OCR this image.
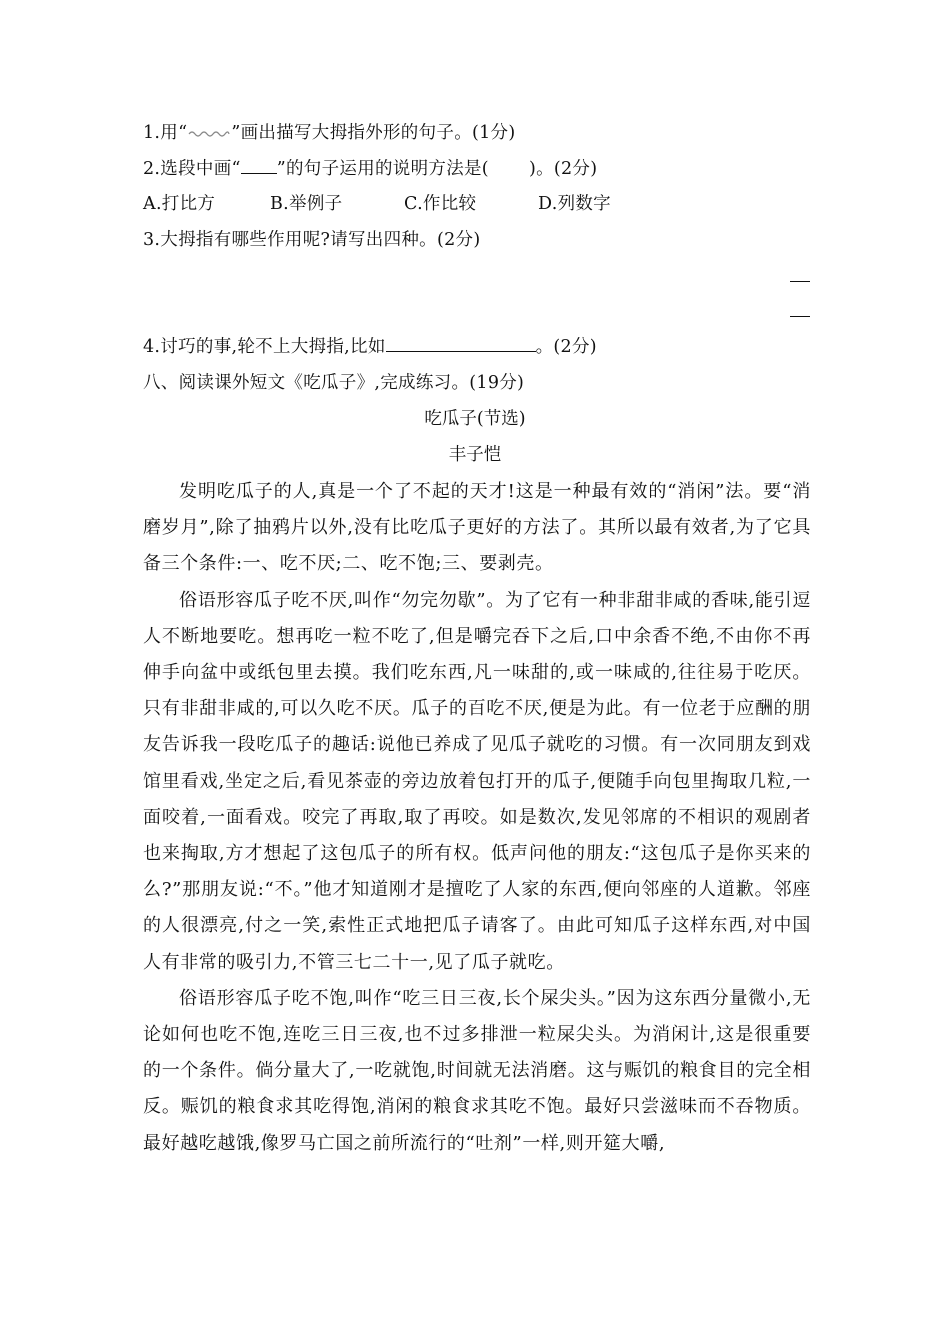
1.用“	”画出描写大拇指外形的句子。(1分)
2.选段中画“ ”的句子运用的说明方法是( )。(2分)
A.打比方	B.举例子	C.作比较	D.列数字
3.大拇指有哪些作用呢?请写出四种。(2分)
4.讨巧的事,轮不上大拇指,比如	。(2分)
八、阅读课外短文《吃瓜子》,完成练习。(19分)
吃瓜子(节选)
丰子恺

发明吃瓜子的人,真是一个了不起的天才!这是一种最有效的“消闲”法。要“消磨岁月”,除了抽鸦片以外,没有比吃瓜子更好的方法了。其所以最有效者,为了它具备三个条件:一、吃不厌;二、吃不饱;三、要剥壳。

俗语形容瓜子吃不厌,叫作“勿完勿歇”。为了它有一种非甜非咸的香味,能引逗人不断地要吃。想再吃一粒不吃了,但是嚼完吞下之后,口中余香不绝,不由你不再伸手向盆中或纸包里去摸。我们吃东西,凡一味甜的,或一味咸的,往往易于吃厌。只有非甜非咸的,可以久吃不厌。瓜子的百吃不厌,便是为此。有一位老于应酬的朋友告诉我一段吃瓜子的趣话:说他已养成了见瓜子就吃的习惯。有一次同朋友到戏馆里看戏,坐定之后,看见茶壶的旁边放着包打开的瓜子,便随手向包里掏取几粒,一面咬着,一面看戏。咬完了再取,取了再咬。如是数次,发见邻席的不相识的观剧者也来掏取,方才想起了这包瓜子的所有权。低声问他的朋友:“这包瓜子是你买来的么?”那朋友说:“不。”他才知道刚才是擅吃了人家的东西,便向邻座的人道歉。邻座的人很漂亮,付之一笑,索性正式地把瓜子请客了。由此可知瓜子这样东西,对中国人有非常的吸引力,不管三七二十一,见了瓜子就吃。

俗语形容瓜子吃不饱,叫作“吃三日三夜,长个屎尖头。”因为这东西分量微小,无论如何也吃不饱,连吃三日三夜,也不过多排泄一粒屎尖头。为消闲计,这是很重要的一个条件。倘分量大了,一吃就饱,时间就无法消磨。这与赈饥的粮食目的完全相反。赈饥的粮食求其吃得饱,消闲的粮食求其吃不饱。最好只尝滋味而不吞物质。最好越吃越饿,像罗马亡国之前所流行的“吐剂”一样,则开筵大嚼,
